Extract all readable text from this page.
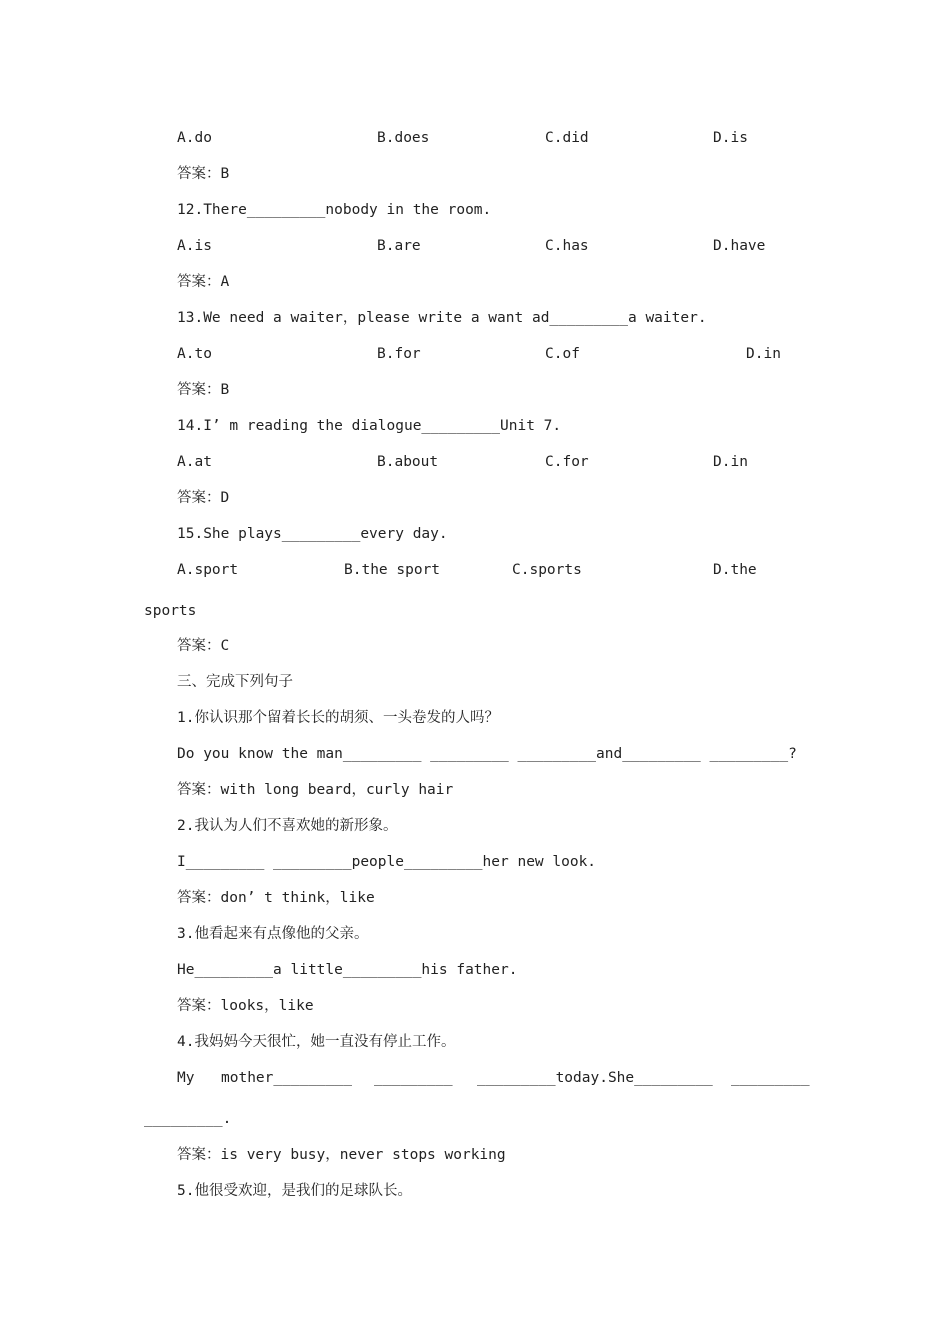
A.do	B.does	C.did	D.is
答案：B
12.There_________nobody in the room.
A.is	B.are	C.has	D.have
答案：A
13.We need a waiter，please write a want ad_________a waiter.
A.to	B.for	C.of	D.in
答案：B
14.I’ m reading the dialogue_________Unit 7.
A.at	B.about	C.for	D.in
答案：D
15.She plays_________every day.
A.sport	B.the sport	C.sports	D.the
sports
答案：C
三、完成下列句子
1.你认识那个留着长长的胡须、一头卷发的人吗？
Do you know the man_________ _________ _________and_________ _________?
答案：with long beard，curly hair
2.我认为人们不喜欢她的新形象。
I_________ _________people_________her new look.
答案：don’ t think，like
3.他看起来有点像他的父亲。
He_________a little_________his father.
答案：looks，like
4.我妈妈今天很忙，她一直没有停止工作。
My mother_________ _________ _________today.She_________ _________
_________.
答案：is very busy，never stops working
5.他很受欢迎，是我们的足球队长。
